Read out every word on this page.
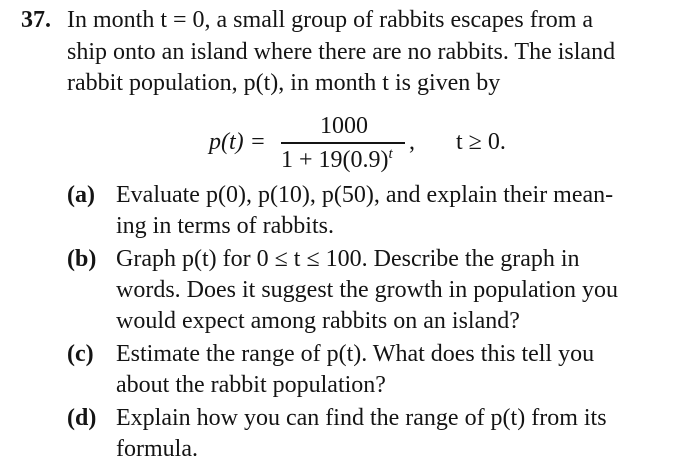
37. In month t = 0, a small group of rabbits escapes from a
ship onto an island where there are no rabbits. The island
rabbit population, p(t), in month t is given by
p(t) =
1000
$1 + 19(0.9)^t$ , t ≥ 0.
(a) Evaluate p(0), p(10), p(50), and explain their mean-
ing in terms of rabbits.
(b) Graph p(t) for 0 ≤ t ≤ 100. Describe the graph in
words. Does it suggest the growth in population you
would expect among rabbits on an island?
(c) Estimate the range of p(t). What does this tell you
about the rabbit population?
(d) Explain how you can find the range of p(t) from its
formula.
